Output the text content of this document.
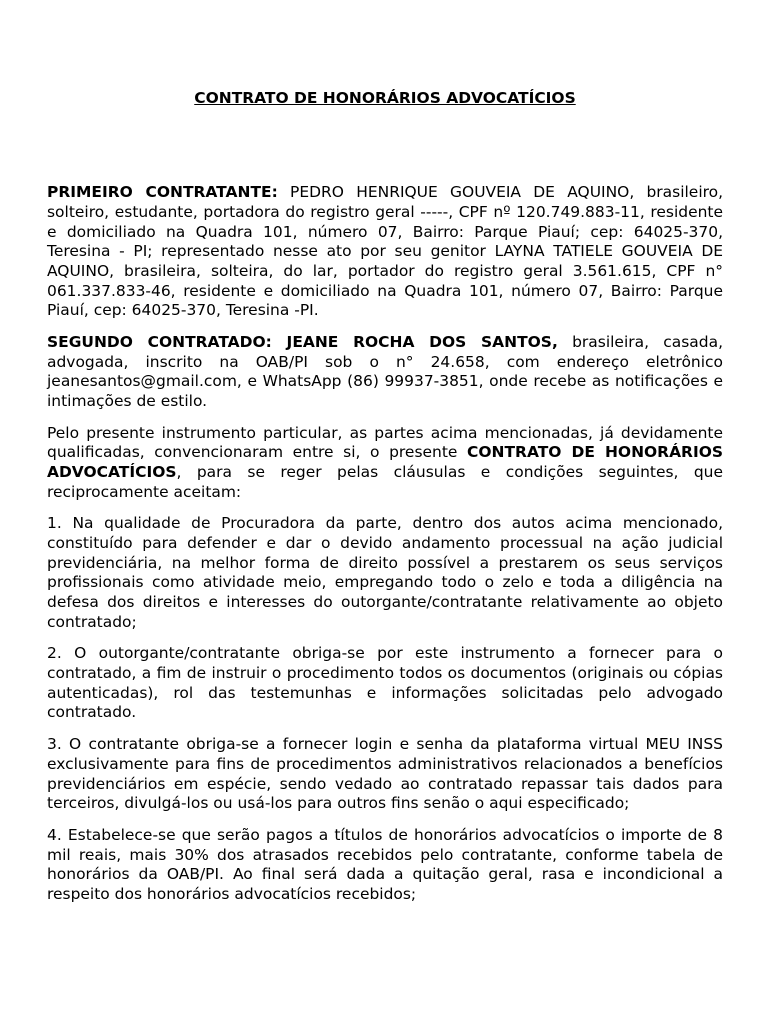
CONTRATO DE HONORÁRIOS ADVOCATÍCIOS

PRIMEIRO CONTRATANTE: PEDRO HENRIQUE GOUVEIA DE AQUINO, brasileiro, solteiro, estudante, portadora do registro geral -----, CPF nº 120.749.883-11, residente e domiciliado na Quadra 101, número 07, Bairro: Parque Piauí; cep: 64025-370, Teresina - PI; representado nesse ato por seu genitor LAYNA TATIELE GOUVEIA DE AQUINO, brasileira, solteira, do lar, portador do registro geral 3.561.615, CPF n° 061.337.833-46, residente e domiciliado na Quadra 101, número 07, Bairro: Parque Piauí, cep: 64025-370, Teresina -PI.

SEGUNDO CONTRATADO: JEANE ROCHA DOS SANTOS, brasileira, casada, advogada, inscrito na OAB/PI sob o n° 24.658, com endereço eletrônico jeanesantos@gmail.com, e WhatsApp (86) 99937-3851, onde recebe as notificações e intimações de estilo.

Pelo presente instrumento particular, as partes acima mencionadas, já devidamente qualificadas, convencionaram entre si, o presente CONTRATO DE HONORÁRIOS ADVOCATÍCIOS, para se reger pelas cláusulas e condições seguintes, que reciprocamente aceitam:

1. Na qualidade de Procuradora da parte, dentro dos autos acima mencionado, constituído para defender e dar o devido andamento processual na ação judicial previdenciária, na melhor forma de direito possível a prestarem os seus serviços profissionais como atividade meio, empregando todo o zelo e toda a diligência na defesa dos direitos e interesses do outorgante/contratante relativamente ao objeto contratado;

2. O outorgante/contratante obriga-se por este instrumento a fornecer para o contratado, a fim de instruir o procedimento todos os documentos (originais ou cópias autenticadas), rol das testemunhas e informações solicitadas pelo advogado contratado.

3. O contratante obriga-se a fornecer login e senha da plataforma virtual MEU INSS exclusivamente para fins de procedimentos administrativos relacionados a benefícios previdenciários em espécie, sendo vedado ao contratado repassar tais dados para terceiros, divulgá-los ou usá-los para outros fins senão o aqui especificado;

4. Estabelece-se que serão pagos a títulos de honorários advocatícios o importe de 8 mil reais, mais 30% dos atrasados recebidos pelo contratante, conforme tabela de honorários da OAB/PI. Ao final será dada a quitação geral, rasa e incondicional a respeito dos honorários advocatícios recebidos;
